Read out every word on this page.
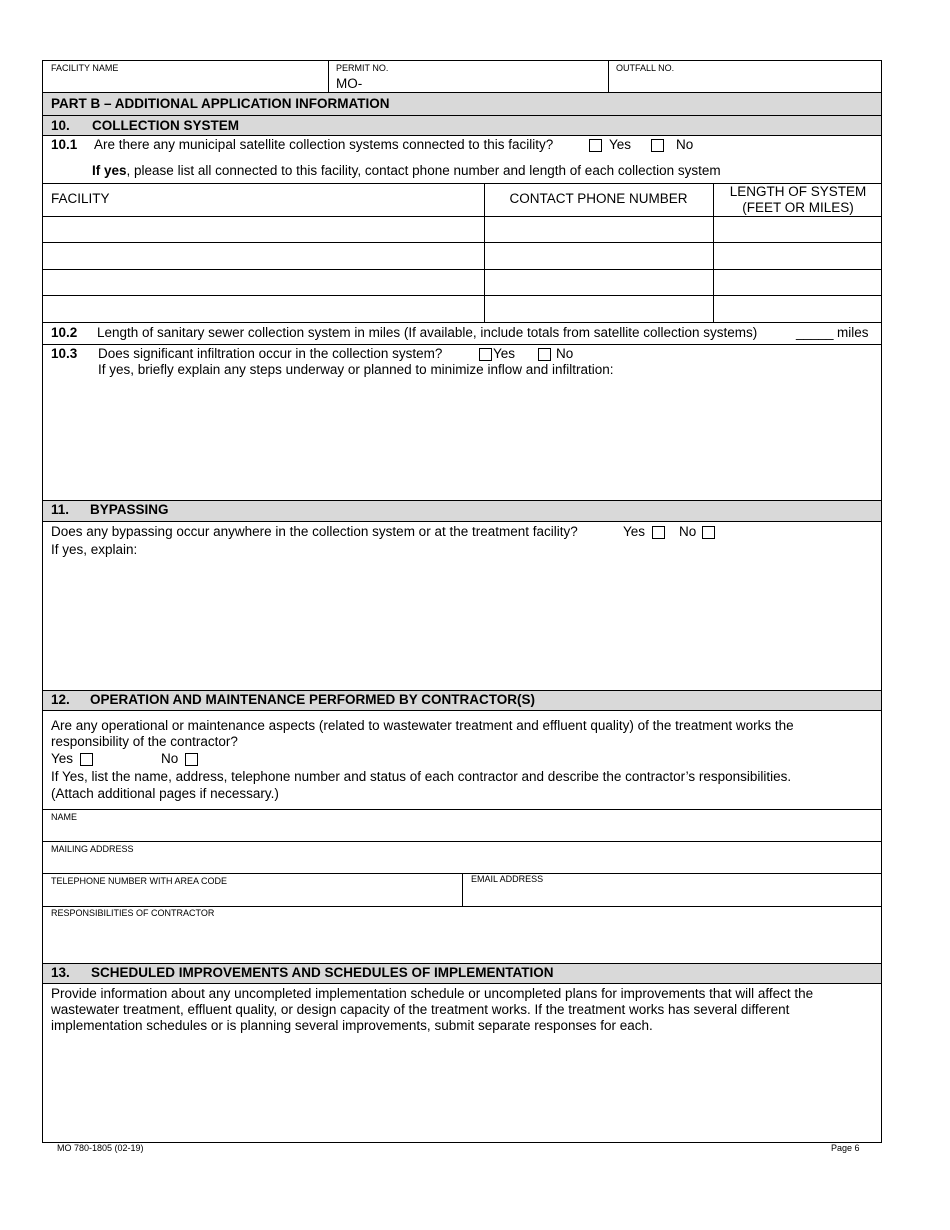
FACILITY NAME	PERMIT NO.
MO-
OUTFALL NO.
PART B – ADDITIONAL APPLICATION INFORMATION
10. COLLECTION SYSTEM
10.1 Are there any municipal satellite collection systems connected to this facility?	Yes	No
If yes, please list all connected to this facility, contact phone number and length of each collection system
FACILITY	CONTACT PHONE NUMBER	LENGTH OF SYSTEM
(FEET OR MILES)
10.2 Length of sanitary sewer collection system in miles (If available, include totals from satellite collection systems)	_____ miles
10.3 Does significant infiltration occur in the collection system?	Yes	No
If yes, briefly explain any steps underway or planned to minimize inflow and infiltration:
11. BYPASSING
Does any bypassing occur anywhere in the collection system or at the treatment facility?	Yes	No
If yes, explain:
12. OPERATION AND MAINTENANCE PERFORMED BY CONTRACTOR(S)
Are any operational or maintenance aspects (related to wastewater treatment and effluent quality) of the treatment works the
responsibility of the contractor?
Yes	No
If Yes, list the name, address, telephone number and status of each contractor and describe the contractor’s responsibilities.
(Attach additional pages if necessary.)
NAME
MAILING ADDRESS
TELEPHONE NUMBER WITH AREA CODE	EMAIL ADDRESS
RESPONSIBILITIES OF CONTRACTOR
13. SCHEDULED IMPROVEMENTS AND SCHEDULES OF IMPLEMENTATION
Provide information about any uncompleted implementation schedule or uncompleted plans for improvements that will affect the
wastewater treatment, effluent quality, or design capacity of the treatment works. If the treatment works has several different
implementation schedules or is planning several improvements, submit separate responses for each.
MO 780-1805 (02-19)	Page 6
